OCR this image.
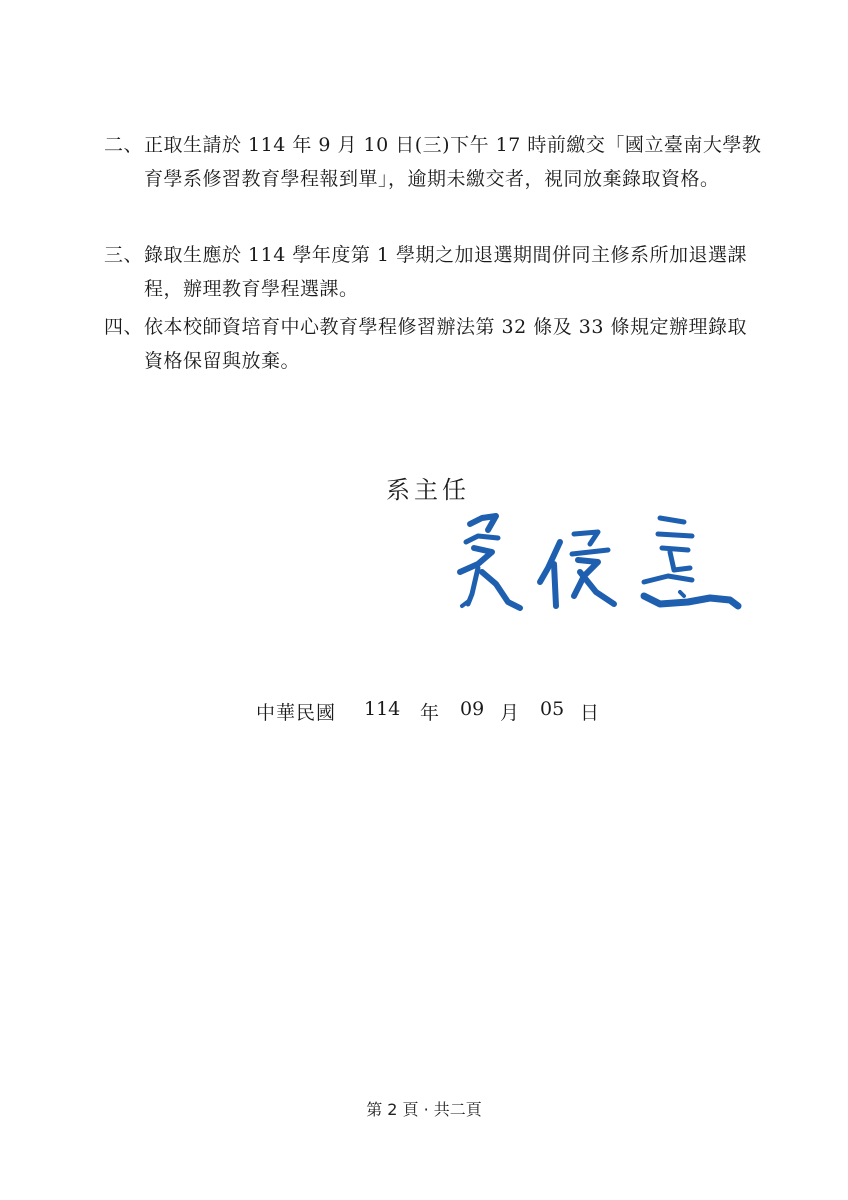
二、 正取生請於 114 年 9 月 10 日(三)下午 17 時前繳交「國立臺南大學教育學系修習教育學程報到單」，逾期未繳交者，視同放棄錄取資格。
三、 錄取生應於 114 學年度第 1 學期之加退選期間併同主修系所加退選課程，辦理教育學程選課。
四、 依本校師資培育中心教育學程修習辦法第 32 條及 33 條規定辦理錄取資格保留與放棄。
系主任
中華民國	114	年	09 月	05 日
第 2 頁 · 共二頁
